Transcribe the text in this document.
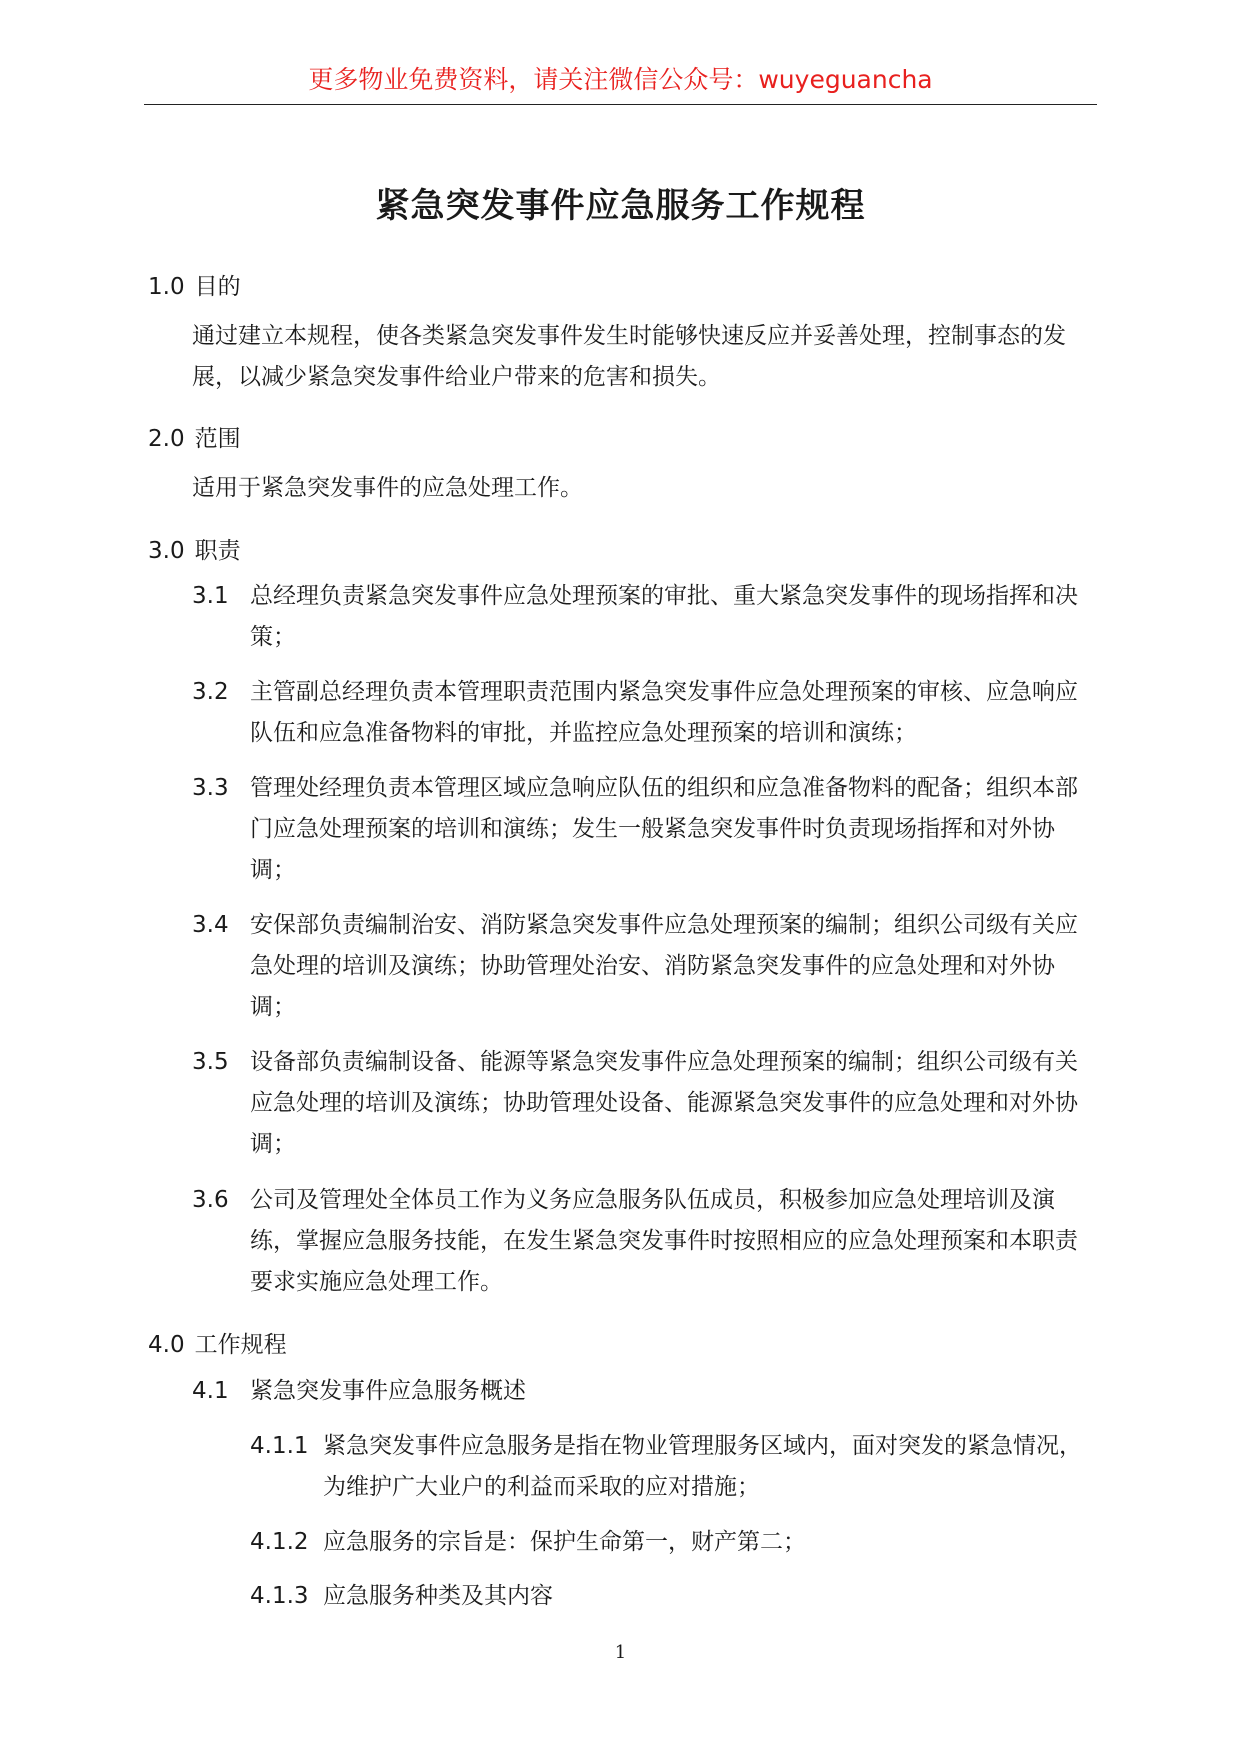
更多物业免费资料，请关注微信公众号：wuyeguancha
紧急突发事件应急服务工作规程
1.0 目的
通过建立本规程，使各类紧急突发事件发生时能够快速反应并妥善处理，控制事态的发展，以减少紧急突发事件给业户带来的危害和损失。
2.0 范围
适用于紧急突发事件的应急处理工作。
3.0 职责
3.1 总经理负责紧急突发事件应急处理预案的审批、重大紧急突发事件的现场指挥和决策；
3.2 主管副总经理负责本管理职责范围内紧急突发事件应急处理预案的审核、应急响应队伍和应急准备物料的审批，并监控应急处理预案的培训和演练；
3.3 管理处经理负责本管理区域应急响应队伍的组织和应急准备物料的配备；组织本部门应急处理预案的培训和演练；发生一般紧急突发事件时负责现场指挥和对外协调；
3.4 安保部负责编制治安、消防紧急突发事件应急处理预案的编制；组织公司级有关应急处理的培训及演练；协助管理处治安、消防紧急突发事件的应急处理和对外协调；
3.5 设备部负责编制设备、能源等紧急突发事件应急处理预案的编制；组织公司级有关应急处理的培训及演练；协助管理处设备、能源紧急突发事件的应急处理和对外协调；
3.6 公司及管理处全体员工作为义务应急服务队伍成员，积极参加应急处理培训及演练，掌握应急服务技能，在发生紧急突发事件时按照相应的应急处理预案和本职责要求实施应急处理工作。
4.0 工作规程
4.1 紧急突发事件应急服务概述
4.1.1 紧急突发事件应急服务是指在物业管理服务区域内，面对突发的紧急情况，为维护广大业户的利益而采取的应对措施；
4.1.2 应急服务的宗旨是：保护生命第一，财产第二；
4.1.3 应急服务种类及其内容
1
